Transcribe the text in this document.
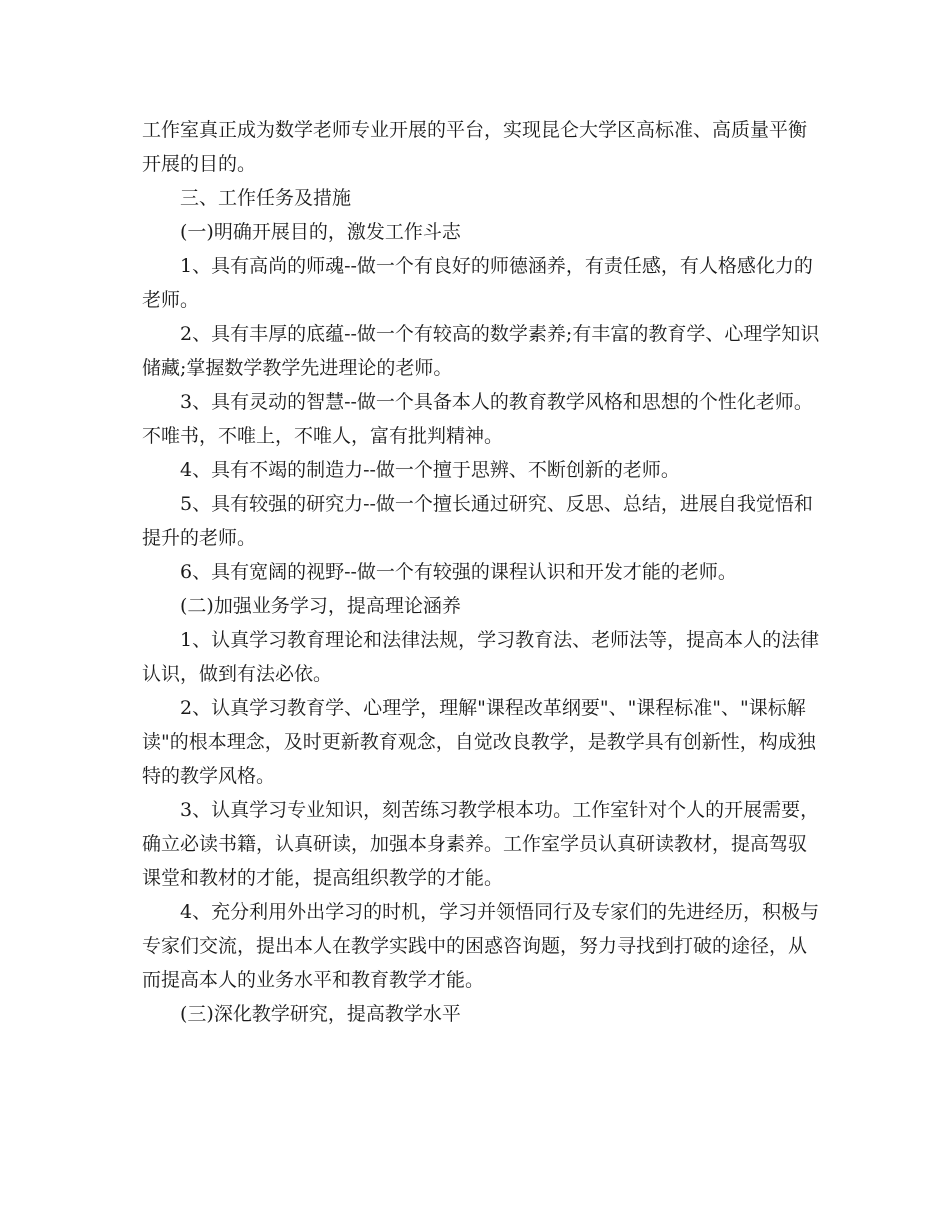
工作室真正成为数学老师专业开展的平台，实现昆仑大学区高标准、高质量平衡开展的目的。

三、工作任务及措施

(一)明确开展目的，激发工作斗志

1、具有高尚的师魂--做一个有良好的师德涵养，有责任感，有人格感化力的老师。

2、具有丰厚的底蕴--做一个有较高的数学素养;有丰富的教育学、心理学知识储藏;掌握数学教学先进理论的老师。

3、具有灵动的智慧--做一个具备本人的教育教学风格和思想的个性化老师。不唯书，不唯上，不唯人，富有批判精神。

4、具有不竭的制造力--做一个擅于思辨、不断创新的老师。

5、具有较强的研究力--做一个擅长通过研究、反思、总结，进展自我觉悟和提升的老师。

6、具有宽阔的视野--做一个有较强的课程认识和开发才能的老师。

(二)加强业务学习，提高理论涵养

1、认真学习教育理论和法律法规，学习教育法、老师法等，提高本人的法律认识，做到有法必依。

2、认真学习教育学、心理学，理解"课程改革纲要"、"课程标准"、"课标解读"的根本理念，及时更新教育观念，自觉改良教学，是教学具有创新性，构成独特的教学风格。

3、认真学习专业知识，刻苦练习教学根本功。工作室针对个人的开展需要，确立必读书籍，认真研读，加强本身素养。工作室学员认真研读教材，提高驾驭课堂和教材的才能，提高组织教学的才能。

4、充分利用外出学习的时机，学习并领悟同行及专家们的先进经历，积极与专家们交流，提出本人在教学实践中的困惑咨询题，努力寻找到打破的途径，从而提高本人的业务水平和教育教学才能。

(三)深化教学研究，提高教学水平
